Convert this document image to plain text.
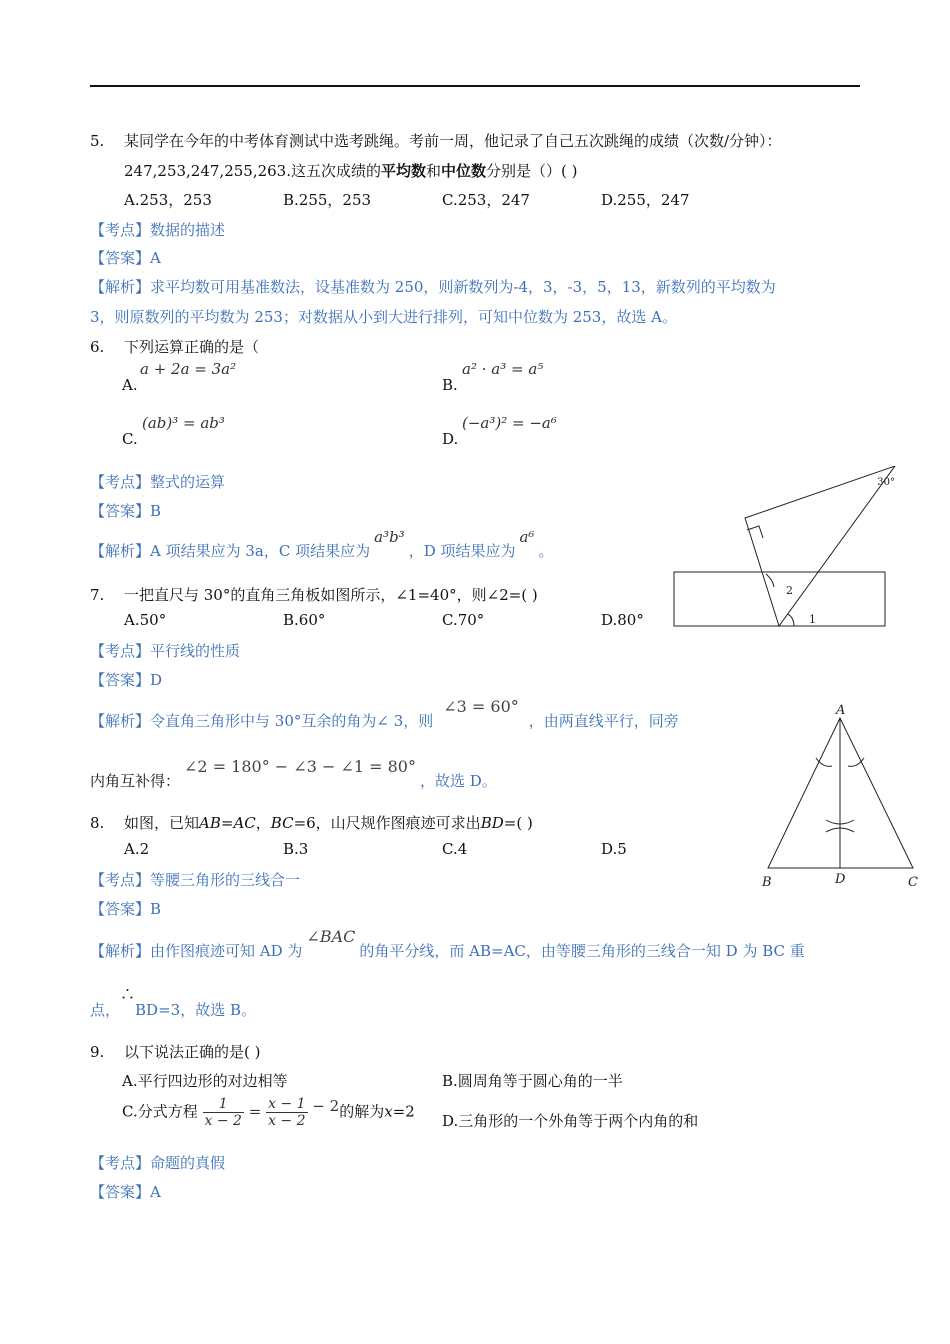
5. 某同学在今年的中考体育测试中选考跳绳。考前一周，他记录了自己五次跳绳的成绩（次数/分钟）：
247,253,247,255,263.这五次成绩的平均数和中位数分别是（）( )
A.253，253	B.255，253	C.253，247	D.255，247
【考点】数据的描述
【答案】A
【解析】求平均数可用基准数法，设基准数为 250，则新数列为-4，3，-3，5，13，新数列的平均数为
3，则原数列的平均数为 253；对数据从小到大进行排列，可知中位数为 253，故选 A。
6. 下列运算正确的是（
A.
a + 2a = 3a²
B.
a² · a³ = a⁵
C.
(ab)³ = ab³
D.
(−a³)² = −a⁶
【考点】整式的运算
【答案】B
【解析】A 项结果应为 3a，C 项结果应为a³b³，D 项结果应为a⁶。
2
1
30°
7. 一把直尺与 30°的直角三角板如图所示，∠1=40°，则∠2=( )
A.50°	B.60°	C.70°	D.80°
【考点】平行线的性质
【答案】D
【解析】令直角三角形中与 30°互余的角为∠ 3，则∠3 = 60°，由两直线平行，同旁
内角互补得：∠2 = 180° − ∠3 − ∠1 = 80°，故选 D。
A
B	D	C
8. 如图，已知AB=AC，BC=6，山尺规作图痕迹可求出BD=( )
A.2	B.3	C.4	D.5
【考点】等腰三角形的三线合一
【答案】B
【解析】由作图痕迹可知 AD 为∠BAC的角平分线，而 AB=AC，由等腰三角形的三线合一知 D 为 BC 重
点，∴BD=3，故选 B。
9. 以下说法正确的是( )
A.平行四边形的对边相等	B.圆周角等于圆心角的一半
C.分式方程 $\frac{1}{x - 2} = \frac{x - 1}{x - 2} - 2$的解为x=2
D.三角形的一个外角等于两个内角的和
【考点】命题的真假
【答案】A
